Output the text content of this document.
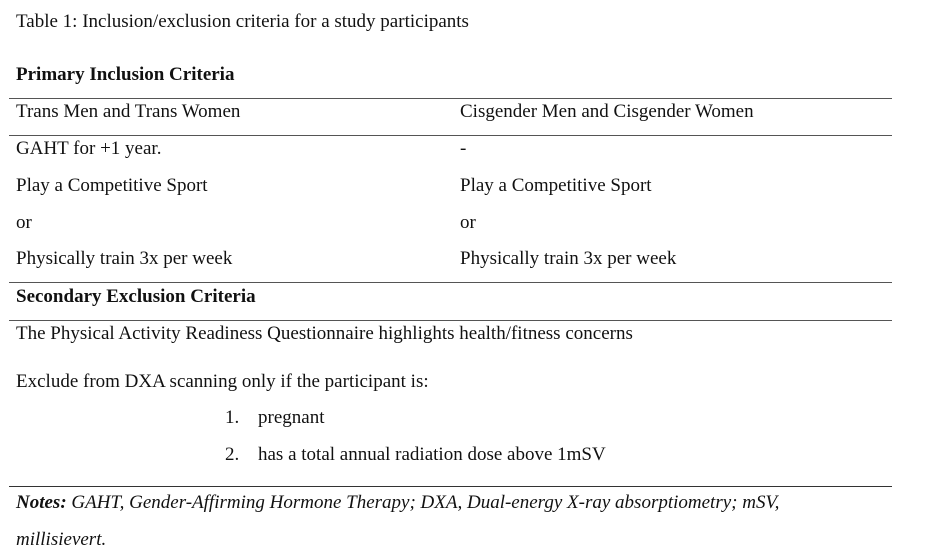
Table 1: Inclusion/exclusion criteria for a study participants
Primary Inclusion Criteria
Trans Men and Trans Women	Cisgender Men and Cisgender Women
GAHT for +1 year.	-
Play a Competitive Sport	Play a Competitive Sport
or	or
Physically train 3x per week	Physically train 3x per week
Secondary Exclusion Criteria
The Physical Activity Readiness Questionnaire highlights health/fitness concerns
Exclude from DXA scanning only if the participant is:
1. pregnant
2. has a total annual radiation dose above 1mSV
Notes: GAHT, Gender-Affirming Hormone Therapy; DXA, Dual-energy X-ray absorptiometry; mSV,
millisievert.
